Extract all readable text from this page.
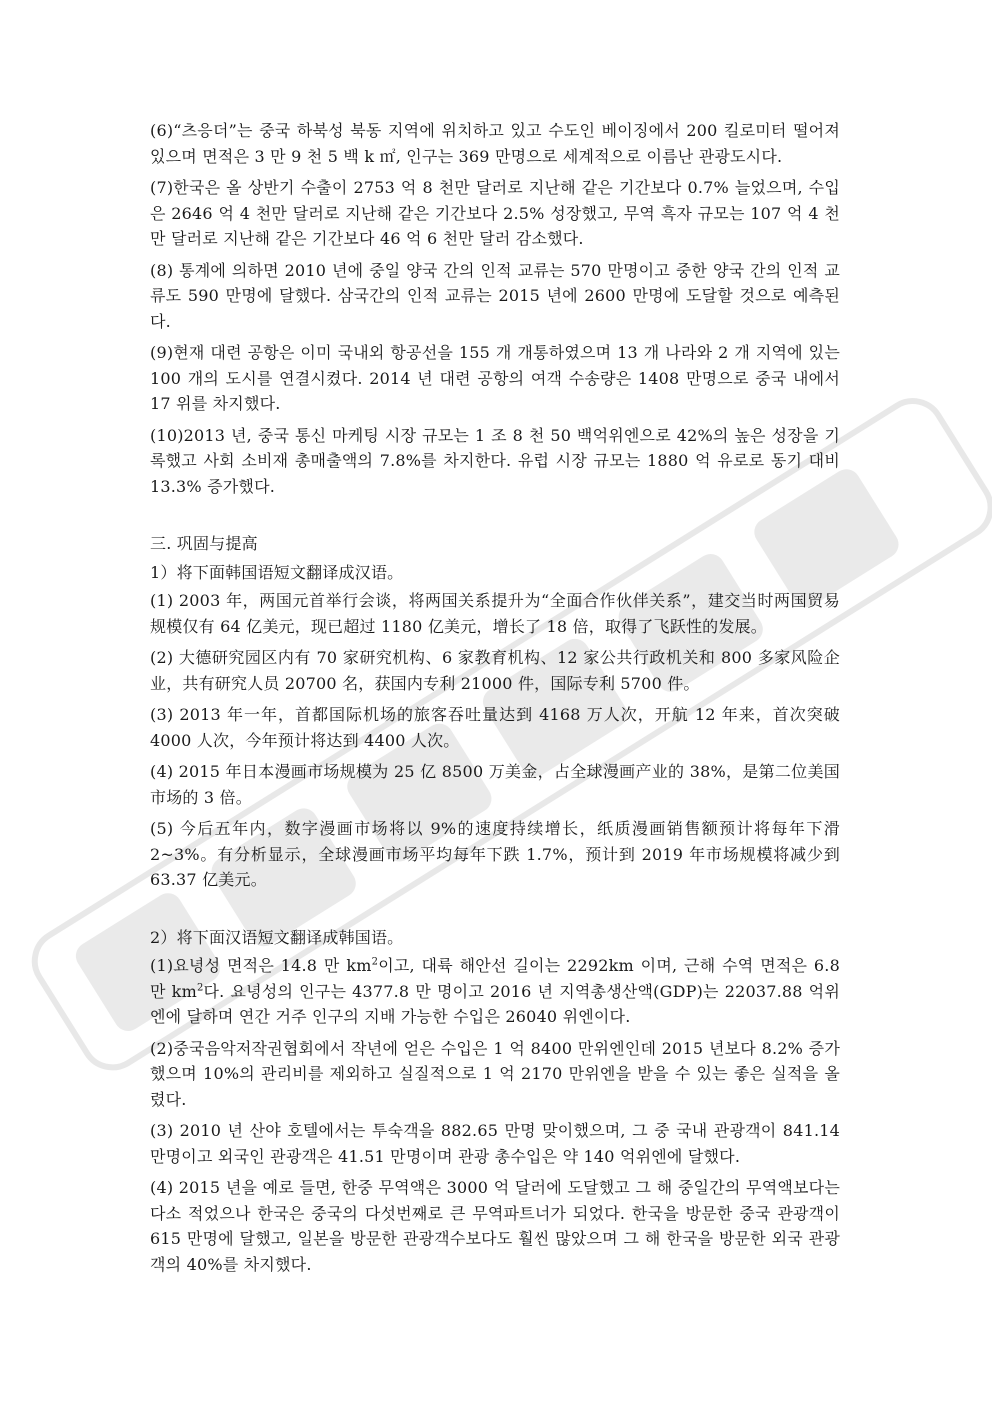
(6)“츠응더”는 중국 하북성 북동 지역에 위치하고 있고 수도인 베이징에서 200 킬로미터 떨어져 있으며 면적은 3 만 9 천 5 백 k ㎡, 인구는 369 만명으로 세계적으로 이름난 관광도시다.

(7)한국은 올 상반기 수출이 2753 억 8 천만 달러로 지난해 같은 기간보다 0.7% 늘었으며, 수입은 2646 억 4 천만 달러로 지난해 같은 기간보다 2.5% 성장했고, 무역 흑자 규모는 107 억 4 천만 달러로 지난해 같은 기간보다 46 억 6 천만 달러 감소했다.

(8) 통계에 의하면 2010 년에 중일 양국 간의 인적 교류는 570 만명이고 중한 양국 간의 인적 교류도 590 만명에 달했다. 삼국간의 인적 교류는 2015 년에 2600 만명에 도달할 것으로 예측된다.

(9)현재 대련 공항은 이미 국내외 항공선을 155 개 개통하였으며 13 개 나라와 2 개 지역에 있는 100 개의 도시를 연결시켰다. 2014 년 대련 공항의 여객 수송량은 1408 만명으로 중국 내에서 17 위를 차지했다.

(10)2013 년, 중국 통신 마케팅 시장 규모는 1 조 8 천 50 백억위엔으로 42%의 높은 성장을 기록했고 사회 소비재 총매출액의 7.8%를 차지한다. 유럽 시장 규모는 1880 억 유로로 동기 대비 13.3% 증가했다.

三. 巩固与提高

1）将下面韩国语短文翻译成汉语。

(1) 2003 年，两国元首举行会谈，将两国关系提升为“全面合作伙伴关系”，建交当时两国贸易规模仅有 64 亿美元，现已超过 1180 亿美元，增长了 18 倍，取得了飞跃性的发展。

(2) 大德研究园区内有 70 家研究机构、6 家教育机构、12 家公共行政机关和 800 多家风险企业，共有研究人员 20700 名，获国内专利 21000 件，国际专利 5700 件。

(3) 2013 年一年，首都国际机场的旅客吞吐量达到 4168 万人次，开航 12 年来，首次突破 4000 人次，今年预计将达到 4400 人次。

(4) 2015 年日本漫画市场规模为 25 亿 8500 万美金，占全球漫画产业的 38%，是第二位美国市场的 3 倍。

(5) 今后五年内，数字漫画市场将以 9%的速度持续增长，纸质漫画销售额预计将每年下滑 2~3%。有分析显示，全球漫画市场平均每年下跌 1.7%，预计到 2019 年市场规模将减少到 63.37 亿美元。

2）将下面汉语短文翻译成韩国语。

(1)요녕성 면적은 14.8 만 $km^2$이고, 대륙 해안선 길이는 2292km 이며, 근해 수역 면적은 6.8 만 $km^2$다. 요녕성의 인구는 4377.8 만 명이고 2016 년 지역총생산액(GDP)는 22037.88 억위엔에 달하며 연간 거주 인구의 지배 가능한 수입은 26040 위엔이다.

(2)중국음악저작권협회에서 작년에 얻은 수입은 1 억 8400 만위엔인데 2015 년보다 8.2% 증가했으며 10%의 관리비를 제외하고 실질적으로 1 억 2170 만위엔을 받을 수 있는 좋은 실적을 올렸다.

(3) 2010 년 산야 호텔에서는 투숙객을 882.65 만명 맞이했으며, 그 중 국내 관광객이 841.14 만명이고 외국인 관광객은 41.51 만명이며 관광 총수입은 약 140 억위엔에 달했다.

(4) 2015 년을 예로 들면, 한중 무역액은 3000 억 달러에 도달했고 그 해 중일간의 무역액보다는 다소 적었으나 한국은 중국의 다섯번째로 큰 무역파트너가 되었다. 한국을 방문한 중국 관광객이 615 만명에 달했고, 일본을 방문한 관광객수보다도 훨씬 많았으며 그 해 한국을 방문한 외국 관광객의 40%를 차지했다.
